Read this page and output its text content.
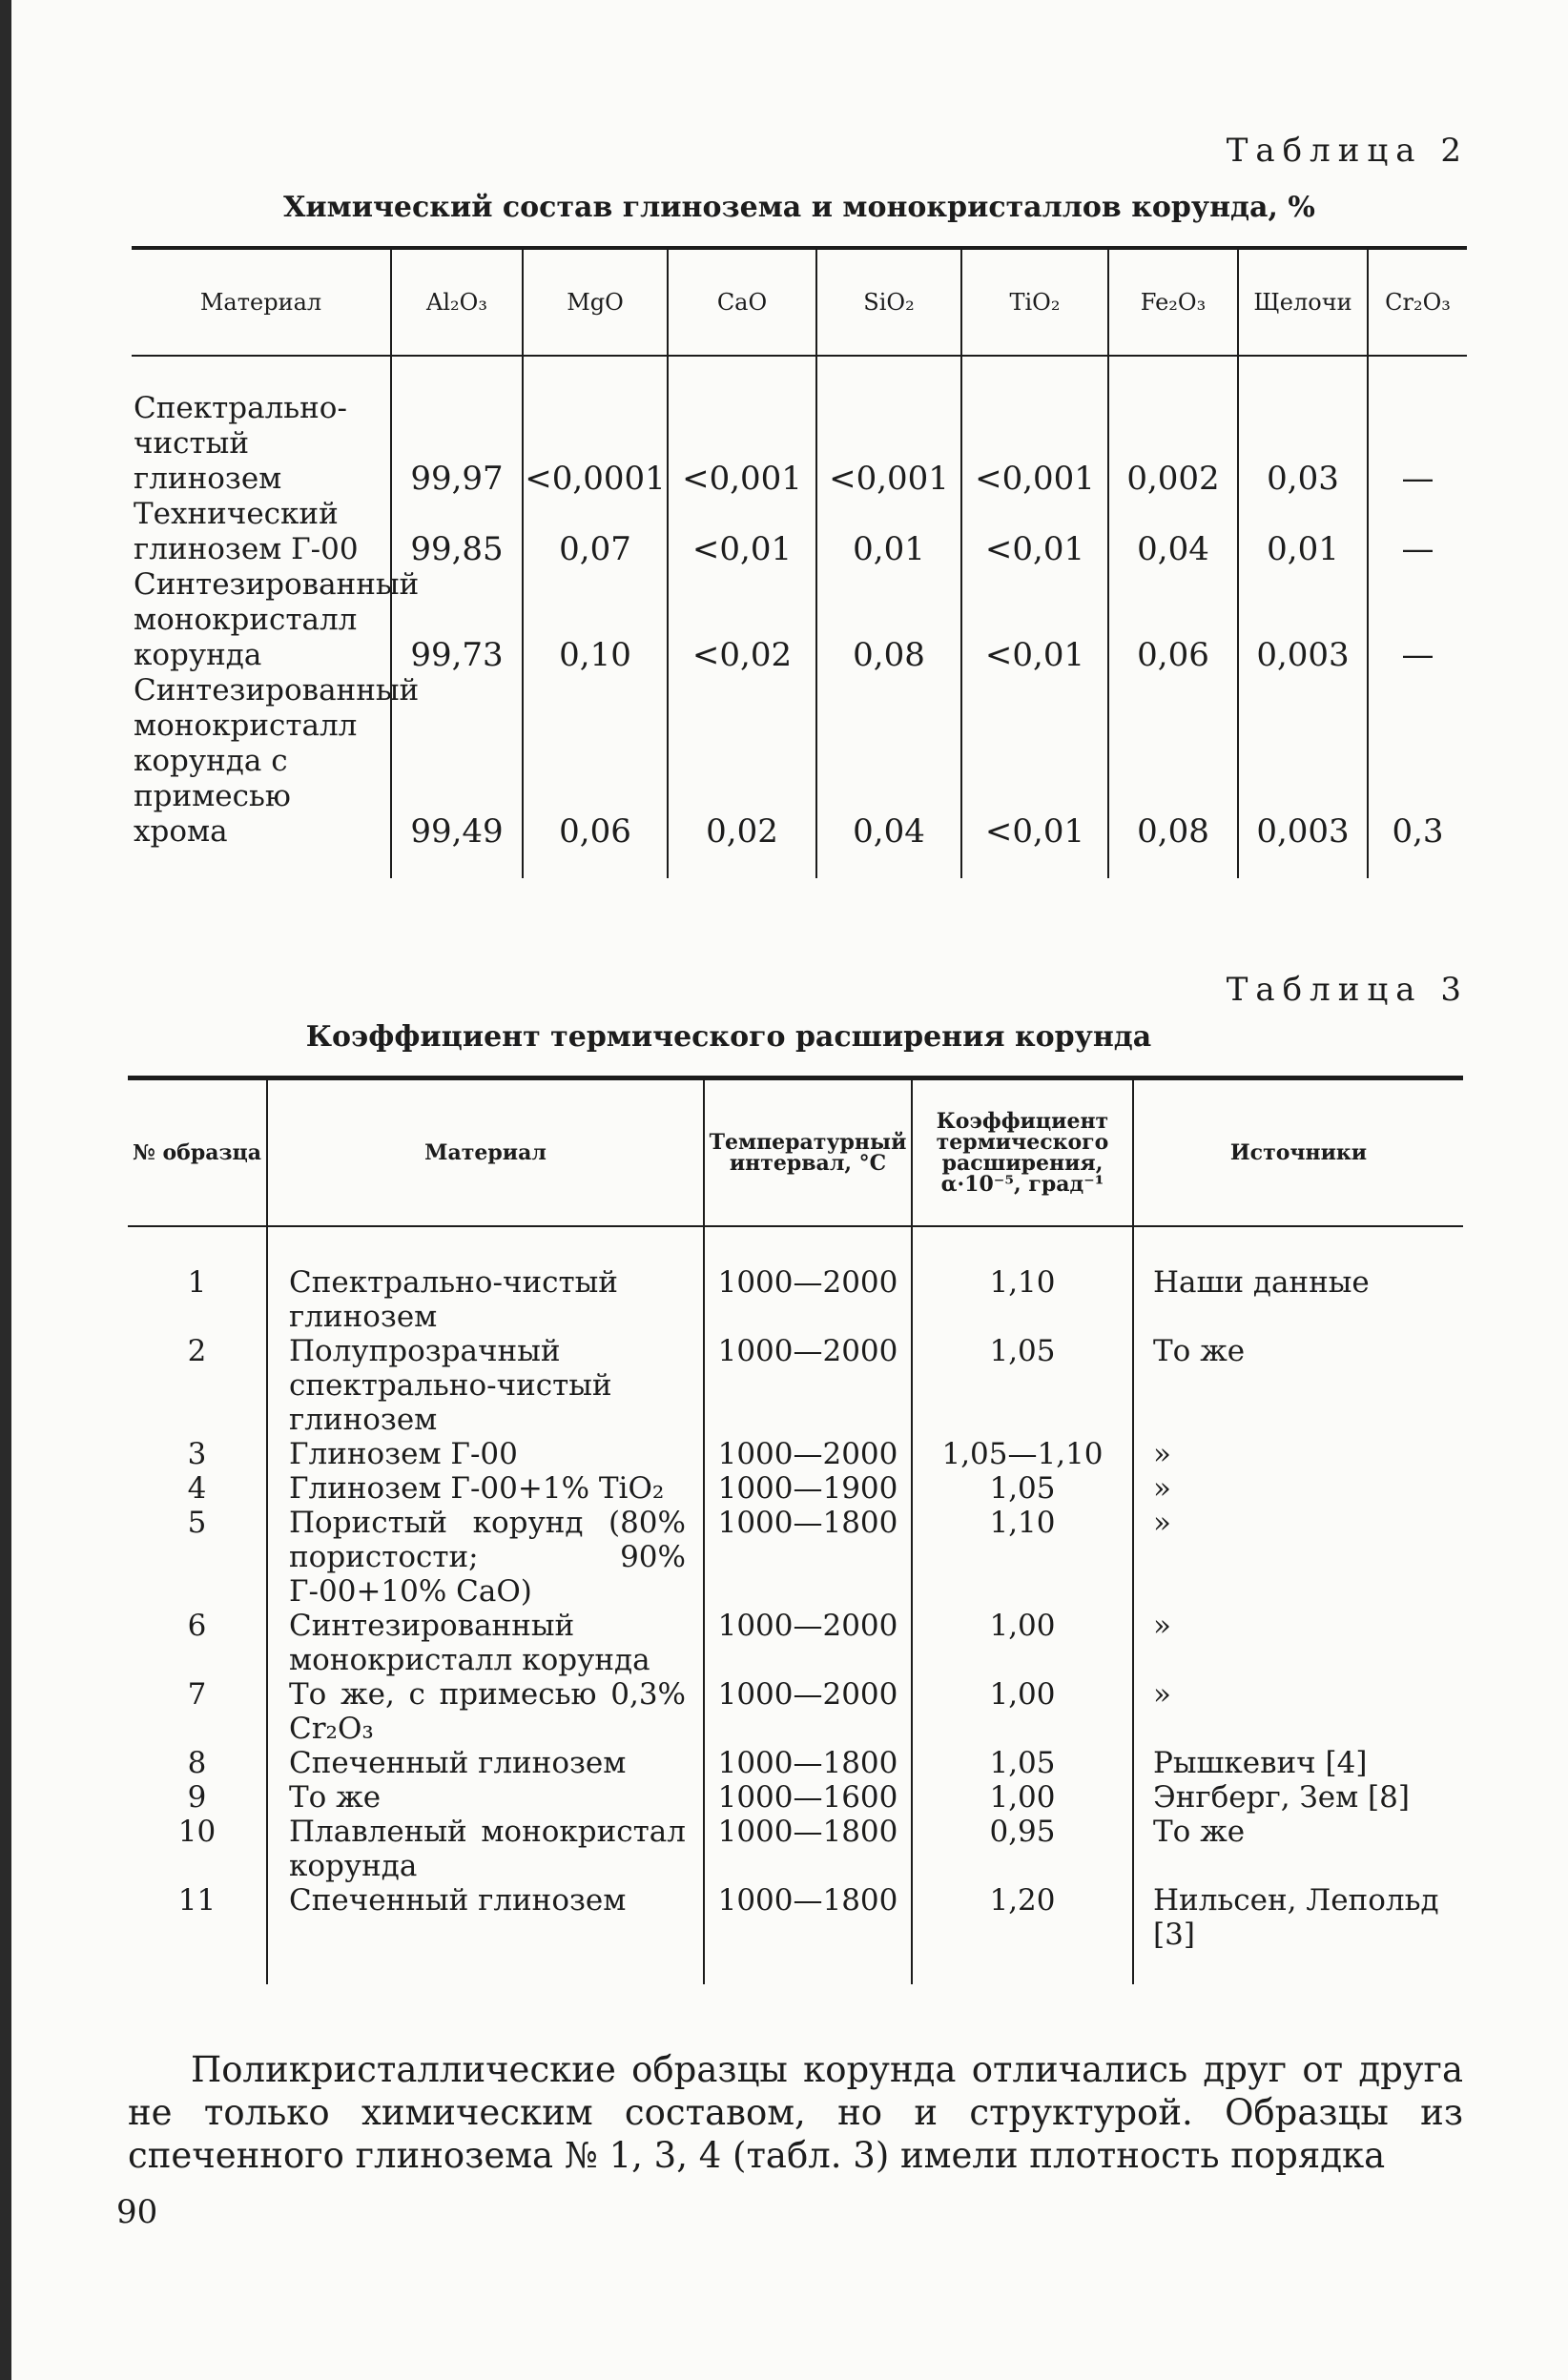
Таблица 2
Химический состав глинозема и монокристаллов корунда, %
Материал	Al₂O₃	MgO	CaO	SiO₂	TiO₂	Fe₂O₃	Щелочи	Cr₂O₃
Спектрально-чистый глинозем	99,97	<0,0001	<0,001	<0,001	<0,001	0,002	0,03	—
Технический глинозем Г-00	99,85	0,07	<0,01	0,01	<0,01	0,04	0,01	—
Синтезированный монокристалл корунда	99,73	0,10	<0,02	0,08	<0,01	0,06	0,003	—
Синтезированный монокристалл корунда с примесью хрома	99,49	0,06	0,02	0,04	<0,01	0,08	0,003	0,3
Таблица 3
Коэффициент термического расширения корунда
№ образца	Материал	Температурный интервал, °C	Коэффициент термического расширения, α·10⁻⁵, град⁻¹	Источники
1	Спектрально-чистый глинозем	1000—2000	1,10	Наши данные
2	Полупрозрачный спектрально-чистый глинозем	1000—2000	1,05	То же
3	Глинозем Г-00	1000—2000	1,05—1,10	»
4	Глинозем Г-00+1% TiO₂	1000—1900	1,05	»
5	Пористый корунд (80% пористости; 90% Г-00+10% CaO)	1000—1800	1,10	»
6	Синтезированный монокристалл корунда	1000—2000	1,00	»
7	То же, с примесью 0,3% Cr₂O₃	1000—2000	1,00	»
8	Спеченный глинозем	1000—1800	1,05	Рышкевич [4]
9	То же	1000—1600	1,00	Энгберг, Зем [8]
10	Плавленый монокристал корунда	1000—1800	0,95	То же
11	Спеченный глинозем	1000—1800	1,20	Нильсен, Лепольд [3]
Поликристаллические образцы корунда отличались друг от друга не только химическим составом, но и структурой. Образцы из спеченного глинозема № 1, 3, 4 (табл. 3) имели плотность порядка
90
